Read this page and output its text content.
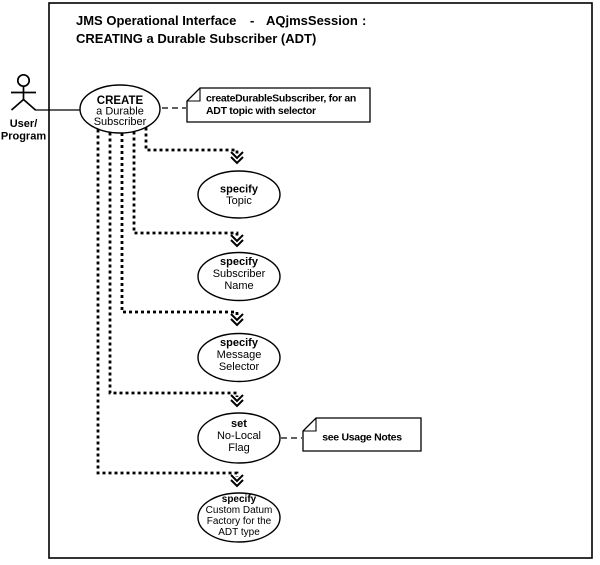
JMS Operational Interface - AQjmsSession :
CREATING a Durable Subscriber (ADT)
User/
Program
CREATE
a Durable
Subscriber
createDurableSubscriber, for an
ADT topic with selector
specify
Topic
specify
Subscriber
Name
specify
Message
Selector
set
No-Local
Flag
see Usage Notes
specify
Custom Datum
Factory for the
ADT type
